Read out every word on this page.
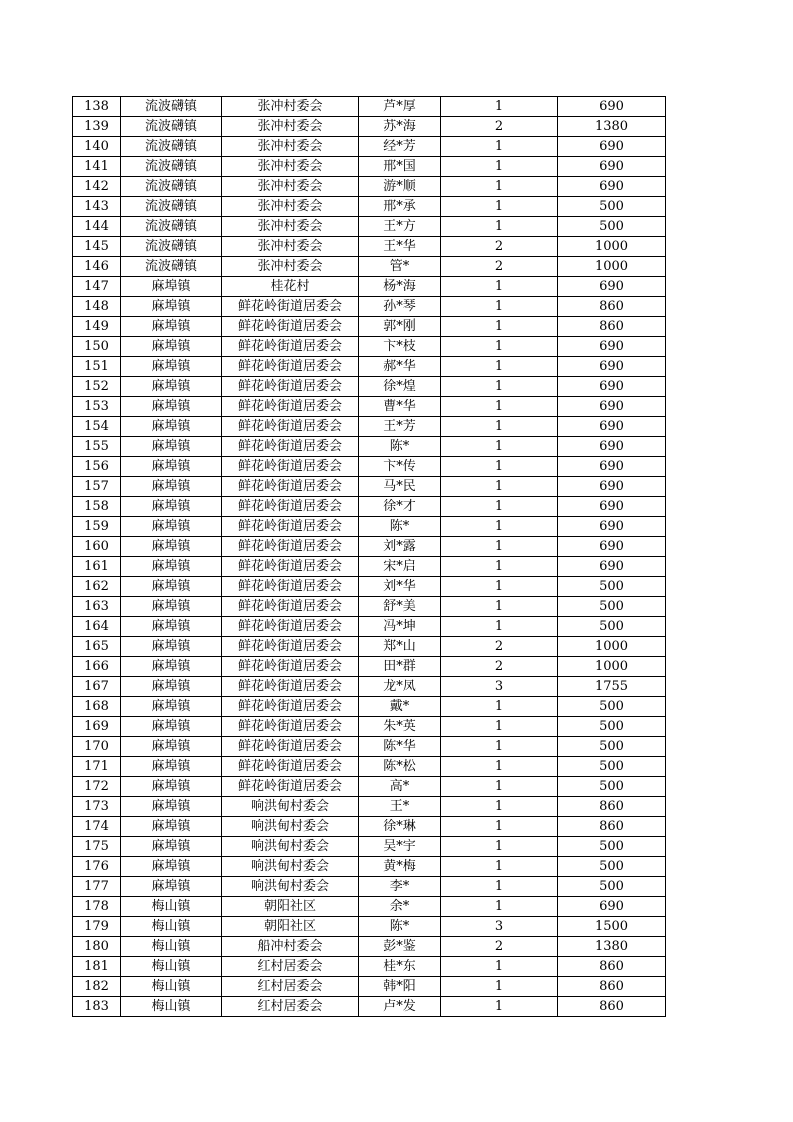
138	流波礴镇	张冲村委会	芦*厚	1	690
139	流波礴镇	张冲村委会	苏*海	2	1380
140	流波礴镇	张冲村委会	经*芳	1	690
141	流波礴镇	张冲村委会	邢*国	1	690
142	流波礴镇	张冲村委会	游*顺	1	690
143	流波礴镇	张冲村委会	邢*承	1	500
144	流波礴镇	张冲村委会	王*方	1	500
145	流波礴镇	张冲村委会	王*华	2	1000
146	流波礴镇	张冲村委会	管*	2	1000
147	麻埠镇	桂花村	杨*海	1	690
148	麻埠镇	鲜花岭街道居委会	孙*琴	1	860
149	麻埠镇	鲜花岭街道居委会	郭*刚	1	860
150	麻埠镇	鲜花岭街道居委会	卞*枝	1	690
151	麻埠镇	鲜花岭街道居委会	郝*华	1	690
152	麻埠镇	鲜花岭街道居委会	徐*煌	1	690
153	麻埠镇	鲜花岭街道居委会	曹*华	1	690
154	麻埠镇	鲜花岭街道居委会	王*芳	1	690
155	麻埠镇	鲜花岭街道居委会	陈*	1	690
156	麻埠镇	鲜花岭街道居委会	卞*传	1	690
157	麻埠镇	鲜花岭街道居委会	马*民	1	690
158	麻埠镇	鲜花岭街道居委会	徐*才	1	690
159	麻埠镇	鲜花岭街道居委会	陈*	1	690
160	麻埠镇	鲜花岭街道居委会	刘*露	1	690
161	麻埠镇	鲜花岭街道居委会	宋*启	1	690
162	麻埠镇	鲜花岭街道居委会	刘*华	1	500
163	麻埠镇	鲜花岭街道居委会	舒*美	1	500
164	麻埠镇	鲜花岭街道居委会	冯*坤	1	500
165	麻埠镇	鲜花岭街道居委会	郑*山	2	1000
166	麻埠镇	鲜花岭街道居委会	田*群	2	1000
167	麻埠镇	鲜花岭街道居委会	龙*凤	3	1755
168	麻埠镇	鲜花岭街道居委会	戴*	1	500
169	麻埠镇	鲜花岭街道居委会	朱*英	1	500
170	麻埠镇	鲜花岭街道居委会	陈*华	1	500
171	麻埠镇	鲜花岭街道居委会	陈*松	1	500
172	麻埠镇	鲜花岭街道居委会	高*	1	500
173	麻埠镇	响洪甸村委会	王*	1	860
174	麻埠镇	响洪甸村委会	徐*琳	1	860
175	麻埠镇	响洪甸村委会	吴*宇	1	500
176	麻埠镇	响洪甸村委会	黄*梅	1	500
177	麻埠镇	响洪甸村委会	李*	1	500
178	梅山镇	朝阳社区	余*	1	690
179	梅山镇	朝阳社区	陈*	3	1500
180	梅山镇	船冲村委会	彭*鉴	2	1380
181	梅山镇	红村居委会	桂*东	1	860
182	梅山镇	红村居委会	韩*阳	1	860
183	梅山镇	红村居委会	卢*发	1	860
